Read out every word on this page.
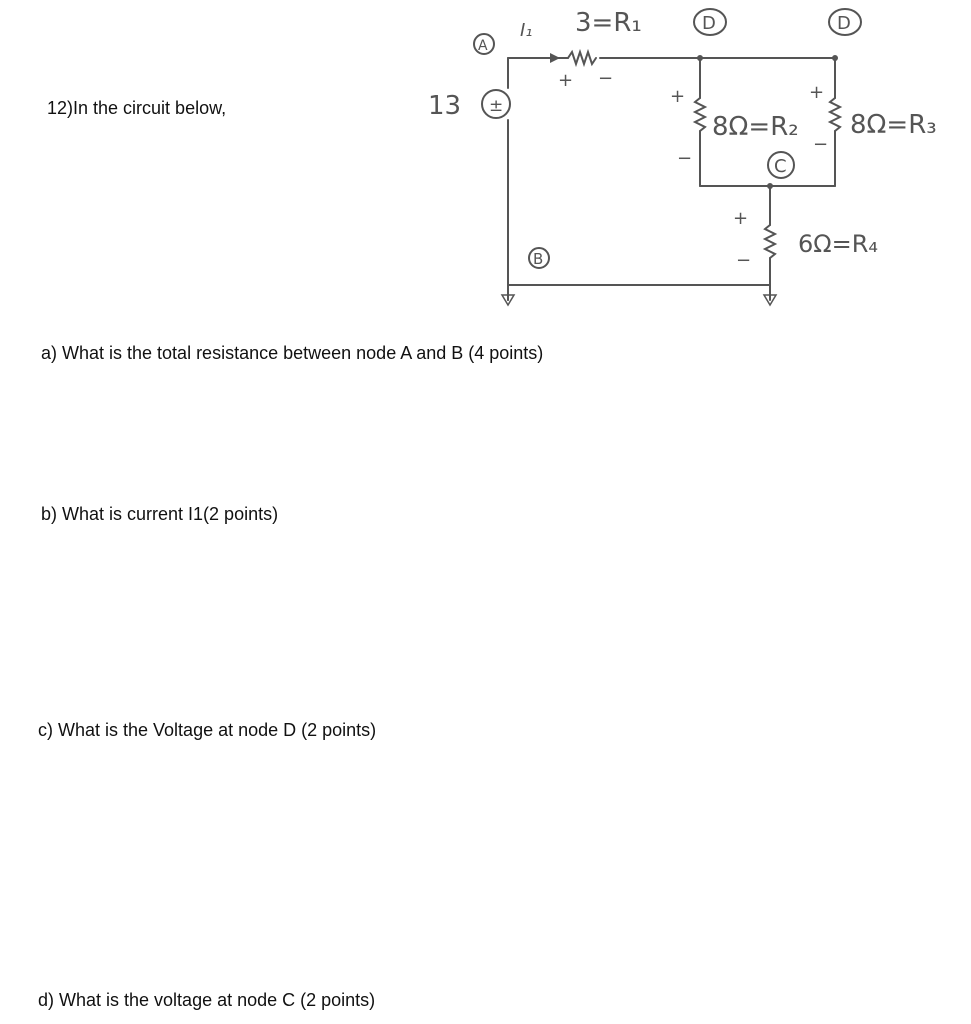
12)In the circuit below,	13 ±
I₁ 3=R₁
8Ω=R₂ 8Ω=R₃
6Ω=R₄
A
B
C
D	D
+ −
+
−
+
−
+
−
a) What is the total resistance between node A and B (4 points)
b) What is current I1(2 points)
c) What is the Voltage at node D (2 points)
d) What is the voltage at node C (2 points)
